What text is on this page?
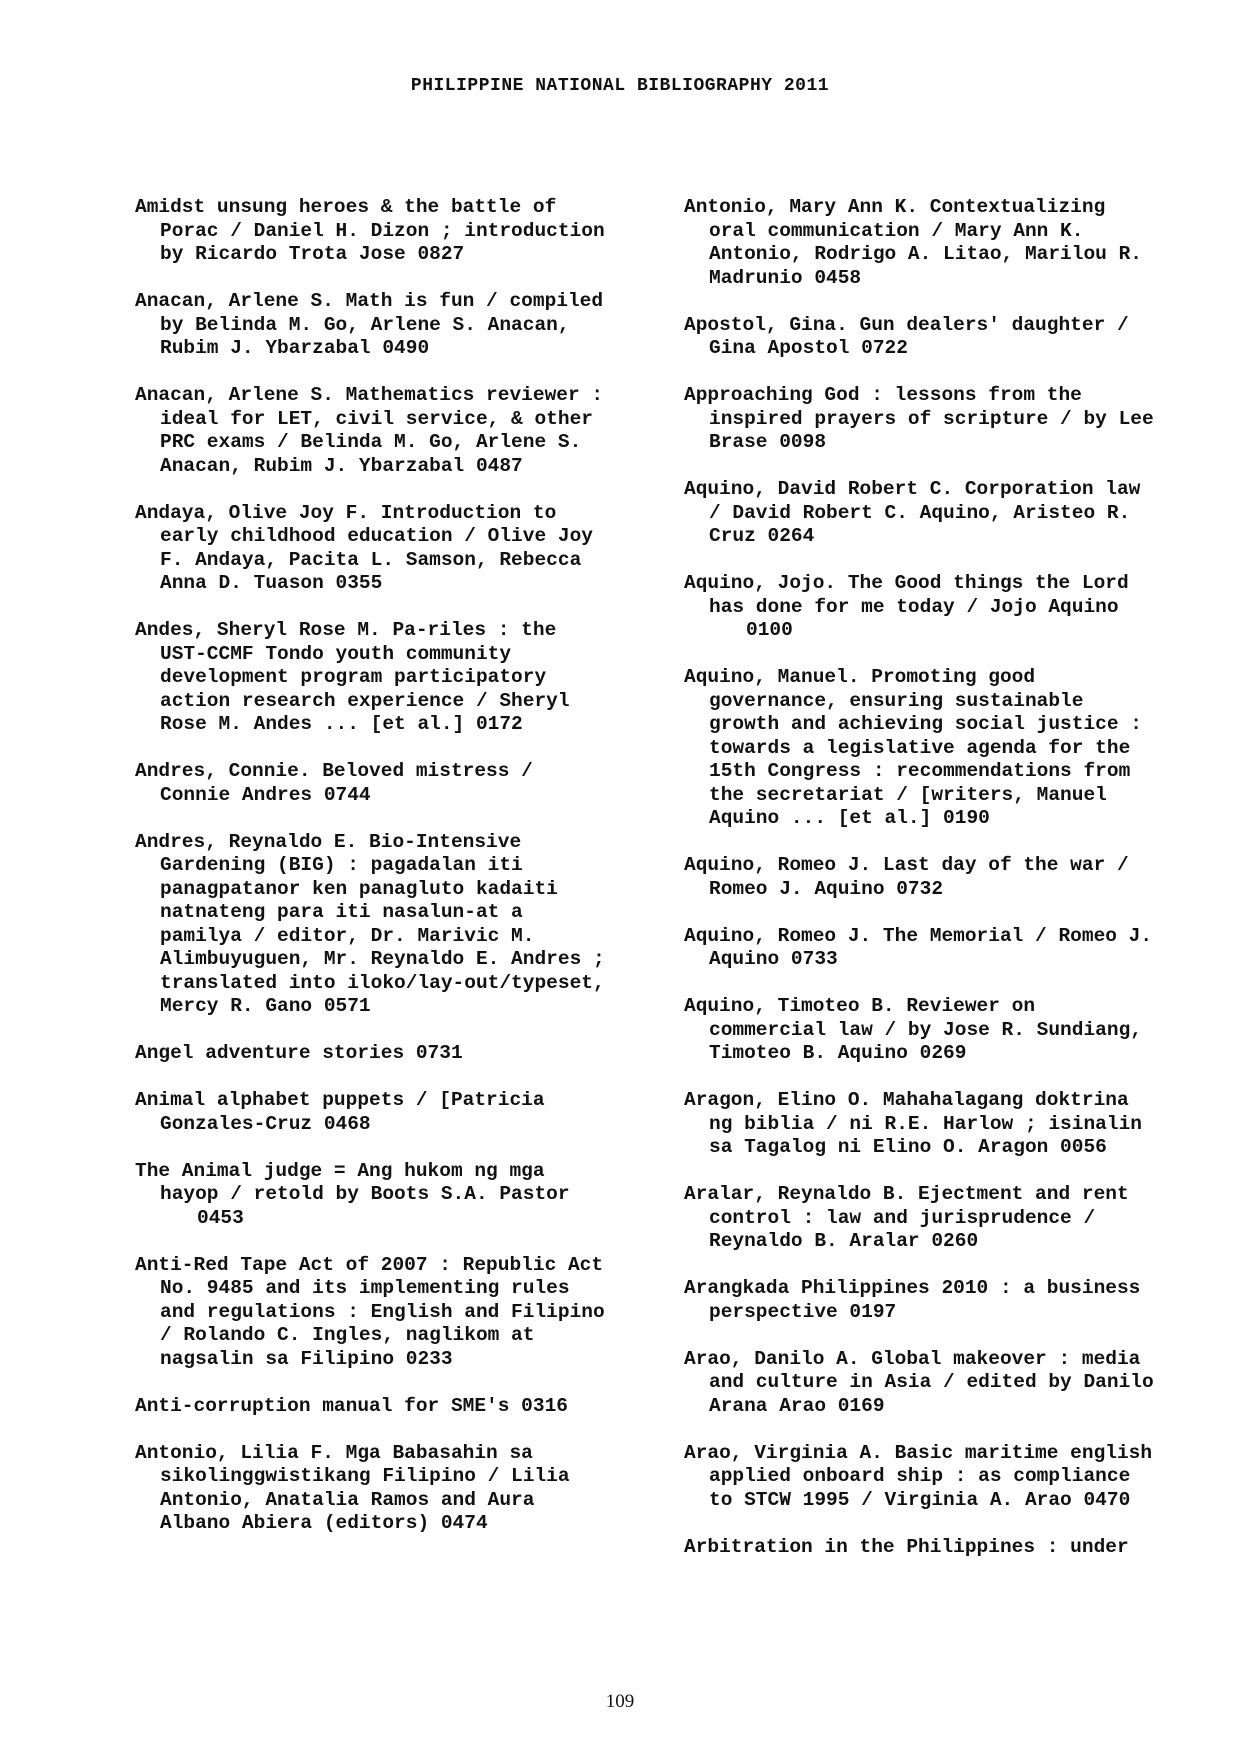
PHILIPPINE NATIONAL BIBLIOGRAPHY 2011
Amidst unsung heroes & the battle of
Porac / Daniel H. Dizon ; introduction
by Ricardo Trota Jose 0827
Anacan, Arlene S. Math is fun / compiled
by Belinda M. Go, Arlene S. Anacan,
Rubim J. Ybarzabal 0490
Anacan, Arlene S. Mathematics reviewer :
ideal for LET, civil service, & other
PRC exams / Belinda M. Go, Arlene S.
Anacan, Rubim J. Ybarzabal 0487
Andaya, Olive Joy F. Introduction to
early childhood education / Olive Joy
F. Andaya, Pacita L. Samson, Rebecca
Anna D. Tuason 0355
Andes, Sheryl Rose M. Pa-riles : the
UST-CCMF Tondo youth community
development program participatory
action research experience / Sheryl
Rose M. Andes ... [et al.] 0172
Andres, Connie. Beloved mistress /
Connie Andres 0744
Andres, Reynaldo E. Bio-Intensive
Gardening (BIG) : pagadalan iti
panagpatanor ken panagluto kadaiti
natnateng para iti nasalun-at a
pamilya / editor, Dr. Marivic M.
Alimbuyuguen, Mr. Reynaldo E. Andres ;
translated into iloko/lay-out/typeset,
Mercy R. Gano 0571
Angel adventure stories 0731
Animal alphabet puppets / [Patricia
Gonzales-Cruz 0468
The Animal judge = Ang hukom ng mga
hayop / retold by Boots S.A. Pastor
0453
Anti-Red Tape Act of 2007 : Republic Act
No. 9485 and its implementing rules
and regulations : English and Filipino
/ Rolando C. Ingles, naglikom at
nagsalin sa Filipino 0233
Anti-corruption manual for SME's 0316
Antonio, Lilia F. Mga Babasahin sa
sikolinggwistikang Filipino / Lilia
Antonio, Anatalia Ramos and Aura
Albano Abiera (editors) 0474
Antonio, Mary Ann K. Contextualizing
oral communication / Mary Ann K.
Antonio, Rodrigo A. Litao, Marilou R.
Madrunio 0458
Apostol, Gina. Gun dealers' daughter /
Gina Apostol 0722
Approaching God : lessons from the
inspired prayers of scripture / by Lee
Brase 0098
Aquino, David Robert C. Corporation law
/ David Robert C. Aquino, Aristeo R.
Cruz 0264
Aquino, Jojo. The Good things the Lord
has done for me today / Jojo Aquino
0100
Aquino, Manuel. Promoting good
governance, ensuring sustainable
growth and achieving social justice :
towards a legislative agenda for the
15th Congress : recommendations from
the secretariat / [writers, Manuel
Aquino ... [et al.] 0190
Aquino, Romeo J. Last day of the war /
Romeo J. Aquino 0732
Aquino, Romeo J. The Memorial / Romeo J.
Aquino 0733
Aquino, Timoteo B. Reviewer on
commercial law / by Jose R. Sundiang,
Timoteo B. Aquino 0269
Aragon, Elino O. Mahahalagang doktrina
ng biblia / ni R.E. Harlow ; isinalin
sa Tagalog ni Elino O. Aragon 0056
Aralar, Reynaldo B. Ejectment and rent
control : law and jurisprudence /
Reynaldo B. Aralar 0260
Arangkada Philippines 2010 : a business
perspective 0197
Arao, Danilo A. Global makeover : media
and culture in Asia / edited by Danilo
Arana Arao 0169
Arao, Virginia A. Basic maritime english
applied onboard ship : as compliance
to STCW 1995 / Virginia A. Arao 0470
Arbitration in the Philippines : under
109
